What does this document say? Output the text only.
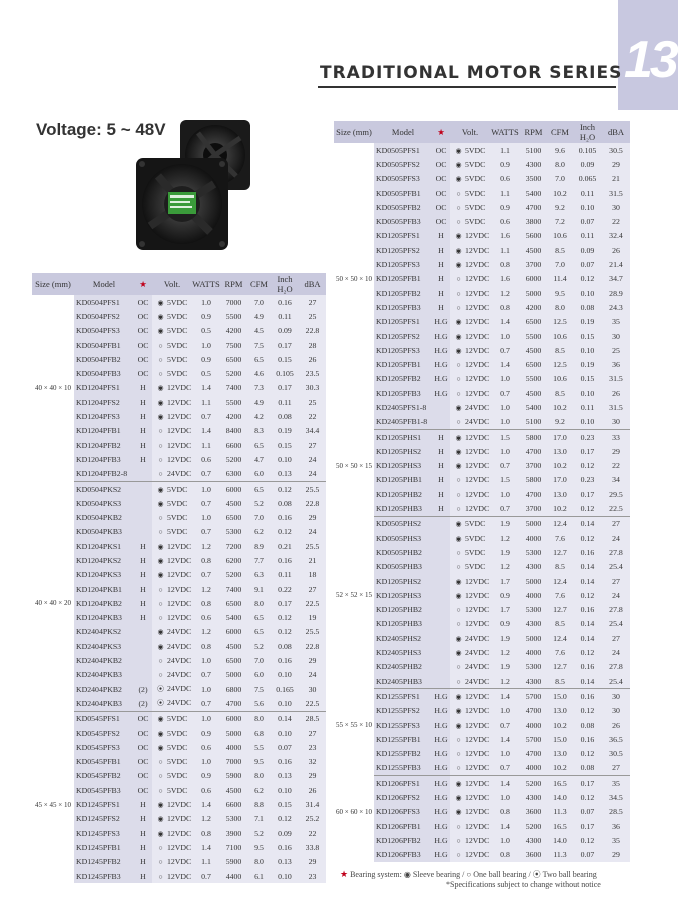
13
TRADITIONAL MOTOR SERIES
Voltage: 5 ~ 48V
Size (mm)	Model	★	Volt.	WATTS	RPM	CFM	Inch H₂O	dBA
	KD0504PFS1	OC	◉ 5VDC	1.0	7000	7.0	0.16	27
	KD0504PFS2	OC	◉ 5VDC	0.9	5500	4.9	0.11	25
	KD0504PFS3	OC	◉ 5VDC	0.5	4200	4.5	0.09	22.8
	KD0504PFB1	OC	○ 5VDC	1.0	7500	7.5	0.17	28
	KD0504PFB2	OC	○ 5VDC	0.9	6500	6.5	0.15	26
	KD0504PFB3	OC	○ 5VDC	0.5	5200	4.6	0.105	23.5
40 × 40 × 10	KD1204PFS1	H	◉ 12VDC	1.4	7400	7.3	0.17	30.3
	KD1204PFS2	H	◉ 12VDC	1.1	5500	4.9	0.11	25
	KD1204PFS3	H	◉ 12VDC	0.7	4200	4.2	0.08	22
	KD1204PFB1	H	○ 12VDC	1.4	8400	8.3	0.19	34.4
	KD1204PFB2	H	○ 12VDC	1.1	6600	6.5	0.15	27
	KD1204PFB3	H	○ 12VDC	0.6	5200	4.7	0.10	24
	KD1204PFB2-8		○ 24VDC	0.7	6300	6.0	0.13	24
	KD0504PKS2		◉ 5VDC	1.0	6000	6.5	0.12	25.5
	KD0504PKS3		◉ 5VDC	0.7	4500	5.2	0.08	22.8
	KD0504PKB2		○ 5VDC	1.0	6500	7.0	0.16	29
	KD0504PKB3		○ 5VDC	0.7	5300	6.2	0.12	24
	KD1204PKS1	H	◉ 12VDC	1.2	7200	8.9	0.21	25.5
	KD1204PKS2	H	◉ 12VDC	0.8	6200	7.7	0.16	21
	KD1204PKS3	H	◉ 12VDC	0.7	5200	6.3	0.11	18
	KD1204PKB1	H	○ 12VDC	1.2	7400	9.1	0.22	27
40 × 40 × 20	KD1204PKB2	H	○ 12VDC	0.8	6500	8.0	0.17	22.5
	KD1204PKB3	H	○ 12VDC	0.6	5400	6.5	0.12	19
	KD2404PKS2		◉ 24VDC	1.2	6000	6.5	0.12	25.5
	KD2404PKS3		◉ 24VDC	0.8	4500	5.2	0.08	22.8
	KD2404PKB2		○ 24VDC	1.0	6500	7.0	0.16	29
	KD2404PKB3		○ 24VDC	0.7	5000	6.0	0.10	24
	KD2404PKB2	(2)	⦿ 24VDC	1.0	6800	7.5	0.165	30
	KD2404PKB3	(2)	⦿ 24VDC	0.7	4700	5.6	0.10	22.5
	KD0545PFS1	OC	◉ 5VDC	1.0	6000	8.0	0.14	28.5
	KD0545PFS2	OC	◉ 5VDC	0.9	5000	6.8	0.10	27
	KD0545PFS3	OC	◉ 5VDC	0.6	4000	5.5	0.07	23
	KD0545PFB1	OC	○ 5VDC	1.0	7000	9.5	0.16	32
	KD0545PFB2	OC	○ 5VDC	0.9	5900	8.0	0.13	29
	KD0545PFB3	OC	○ 5VDC	0.6	4500	6.2	0.10	26
45 × 45 × 10	KD1245PFS1	H	◉ 12VDC	1.4	6600	8.8	0.15	31.4
	KD1245PFS2	H	◉ 12VDC	1.2	5300	7.1	0.12	25.2
	KD1245PFS3	H	◉ 12VDC	0.8	3900	5.2	0.09	22
	KD1245PFB1	H	○ 12VDC	1.4	7100	9.5	0.16	33.8
	KD1245PFB2	H	○ 12VDC	1.1	5900	8.0	0.13	29
	KD1245PFB3	H	○ 12VDC	0.7	4400	6.1	0.10	23
Size (mm)	Model	★	Volt.	WATTS	RPM	CFM	Inch H₂O	dBA
	KD0505PFS1	OC	◉ 5VDC	1.1	5100	9.6	0.105	30.5
	KD0505PFS2	OC	◉ 5VDC	0.9	4300	8.0	0.09	29
	KD0505PFS3	OC	◉ 5VDC	0.6	3500	7.0	0.065	21
	KD0505PFB1	OC	○ 5VDC	1.1	5400	10.2	0.11	31.5
	KD0505PFB2	OC	○ 5VDC	0.9	4700	9.2	0.10	30
	KD0505PFB3	OC	○ 5VDC	0.6	3800	7.2	0.07	22
	KD1205PFS1	H	◉ 12VDC	1.6	5600	10.6	0.11	32.4
	KD1205PFS2	H	◉ 12VDC	1.1	4500	8.5	0.09	26
	KD1205PFS3	H	◉ 12VDC	0.8	3700	7.0	0.07	21.4
50 × 50 × 10	KD1205PFB1	H	○ 12VDC	1.6	6000	11.4	0.12	34.7
	KD1205PFB2	H	○ 12VDC	1.2	5000	9.5	0.10	28.9
	KD1205PFB3	H	○ 12VDC	0.8	4200	8.0	0.08	24.3
	KD1205PFS1	H.G	◉ 12VDC	1.4	6500	12.5	0.19	35
	KD1205PFS2	H.G	◉ 12VDC	1.0	5500	10.6	0.15	30
	KD1205PFS3	H.G	◉ 12VDC	0.7	4500	8.5	0.10	25
	KD1205PFB1	H.G	○ 12VDC	1.4	6500	12.5	0.19	36
	KD1205PFB2	H.G	○ 12VDC	1.0	5500	10.6	0.15	31.5
	KD1205PFB3	H.G	○ 12VDC	0.7	4500	8.5	0.10	26
	KD2405PFS1-8		◉ 24VDC	1.0	5400	10.2	0.11	31.5
	KD2405PFB1-8		○ 24VDC	1.0	5100	9.2	0.10	30
	KD1205PHS1	H	◉ 12VDC	1.5	5800	17.0	0.23	33
	KD1205PHS2	H	◉ 12VDC	1.0	4700	13.0	0.17	29
50 × 50 × 15	KD1205PHS3	H	◉ 12VDC	0.7	3700	10.2	0.12	22
	KD1205PHB1	H	○ 12VDC	1.5	5800	17.0	0.23	34
	KD1205PHB2	H	○ 12VDC	1.0	4700	13.0	0.17	29.5
	KD1205PHB3	H	○ 12VDC	0.7	3700	10.2	0.12	22.5
	KD0505PHS2		◉ 5VDC	1.9	5000	12.4	0.14	27
	KD0505PHS3		◉ 5VDC	1.2	4000	7.6	0.12	24
	KD0505PHB2		○ 5VDC	1.9	5300	12.7	0.16	27.8
	KD0505PHB3		○ 5VDC	1.2	4300	8.5	0.14	25.4
	KD1205PHS2		◉ 12VDC	1.7	5000	12.4	0.14	27
52 × 52 × 15	KD1205PHS3		◉ 12VDC	0.9	4000	7.6	0.12	24
	KD1205PHB2		○ 12VDC	1.7	5300	12.7	0.16	27.8
	KD1205PHB3		○ 12VDC	0.9	4300	8.5	0.14	25.4
	KD2405PHS2		◉ 24VDC	1.9	5000	12.4	0.14	27
	KD2405PHS3		◉ 24VDC	1.2	4000	7.6	0.12	24
	KD2405PHB2		○ 24VDC	1.9	5300	12.7	0.16	27.8
	KD2405PHB3		○ 24VDC	1.2	4300	8.5	0.14	25.4
	KD1255PFS1	H.G	◉ 12VDC	1.4	5700	15.0	0.16	30
	KD1255PFS2	H.G	◉ 12VDC	1.0	4700	13.0	0.12	30
55 × 55 × 10	KD1255PFS3	H.G	◉ 12VDC	0.7	4000	10.2	0.08	26
	KD1255PFB1	H.G	○ 12VDC	1.4	5700	15.0	0.16	36.5
	KD1255PFB2	H.G	○ 12VDC	1.0	4700	13.0	0.12	30.5
	KD1255PFB3	H.G	○ 12VDC	0.7	4000	10.2	0.08	27
	KD1206PFS1	H.G	◉ 12VDC	1.4	5200	16.5	0.17	35
	KD1206PFS2	H.G	◉ 12VDC	1.0	4300	14.0	0.12	34.5
60 × 60 × 10	KD1206PFS3	H.G	◉ 12VDC	0.8	3600	11.3	0.07	28.5
	KD1206PFB1	H.G	○ 12VDC	1.4	5200	16.5	0.17	36
	KD1206PFB2	H.G	○ 12VDC	1.0	4300	14.0	0.12	35
	KD1206PFB3	H.G	○ 12VDC	0.8	3600	11.3	0.07	29
★ Bearing system: ◉ Sleeve bearing / ○ One ball bearing / ⦿ Two ball bearing
*Specifications subject to change without notice
